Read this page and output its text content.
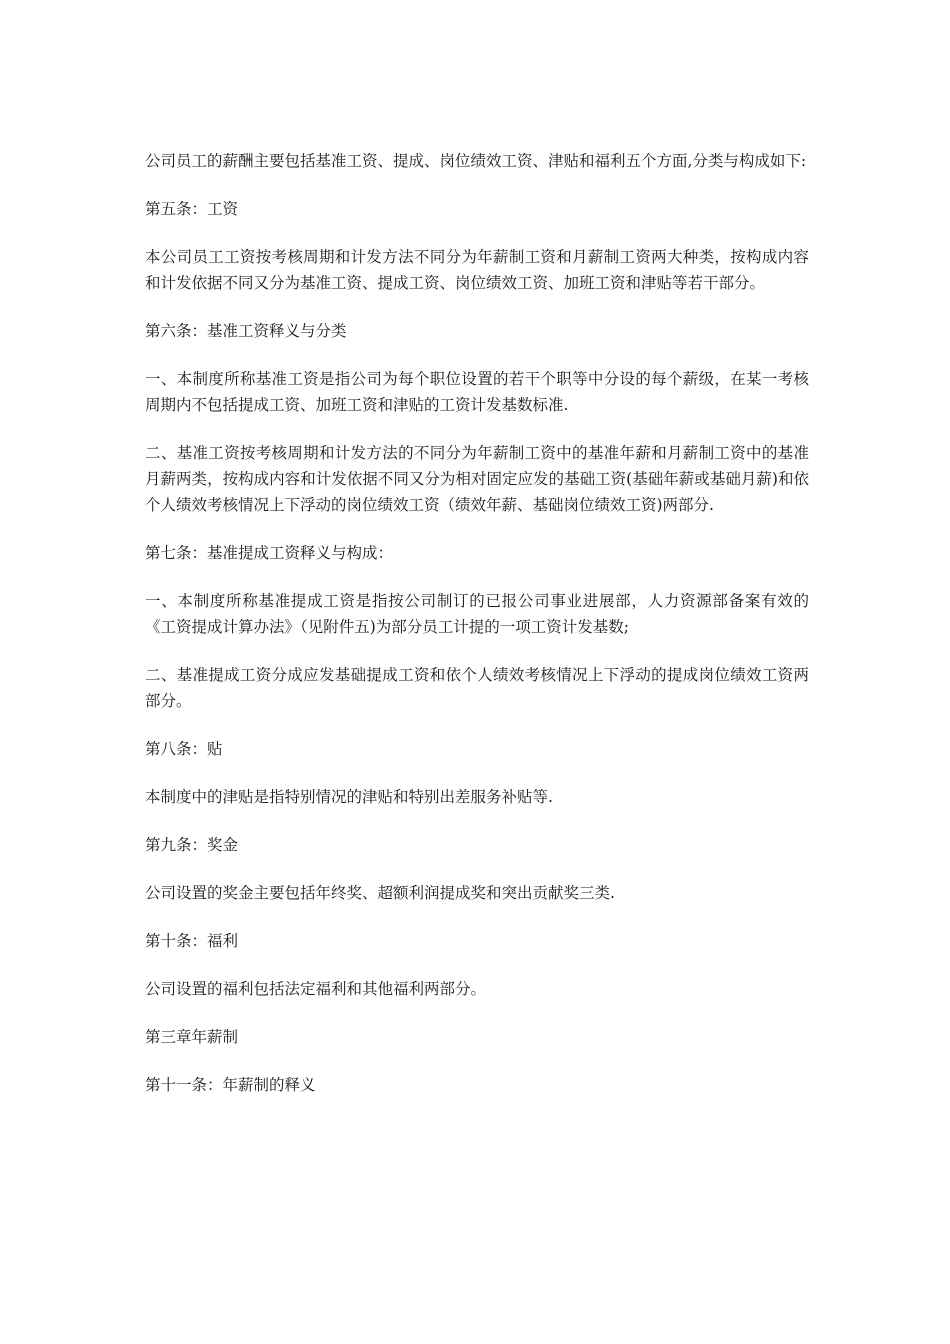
公司员工的薪酬主要包括基准工资、提成、岗位绩效工资、津贴和福利五个方面,分类与构成如下:

第五条：工资

本公司员工工资按考核周期和计发方法不同分为年薪制工资和月薪制工资两大种类，按构成内容和计发依据不同又分为基准工资、提成工资、岗位绩效工资、加班工资和津贴等若干部分。

第六条：基准工资释义与分类

一、本制度所称基准工资是指公司为每个职位设置的若干个职等中分设的每个薪级，在某一考核周期内不包括提成工资、加班工资和津贴的工资计发基数标准.

二、基准工资按考核周期和计发方法的不同分为年薪制工资中的基准年薪和月薪制工资中的基准月薪两类，按构成内容和计发依据不同又分为相对固定应发的基础工资(基础年薪或基础月薪)和依个人绩效考核情况上下浮动的岗位绩效工资（绩效年薪、基础岗位绩效工资)两部分.

第七条：基准提成工资释义与构成：

一、本制度所称基准提成工资是指按公司制订的已报公司事业进展部，人力资源部备案有效的《工资提成计算办法》（见附件五)为部分员工计提的一项工资计发基数;

二、基准提成工资分成应发基础提成工资和依个人绩效考核情况上下浮动的提成岗位绩效工资两部分。

第八条：贴

本制度中的津贴是指特别情况的津贴和特别出差服务补贴等.

第九条：奖金

公司设置的奖金主要包括年终奖、超额利润提成奖和突出贡献奖三类.

第十条：福利

公司设置的福利包括法定福利和其他福利两部分。

第三章年薪制

第十一条：年薪制的释义
